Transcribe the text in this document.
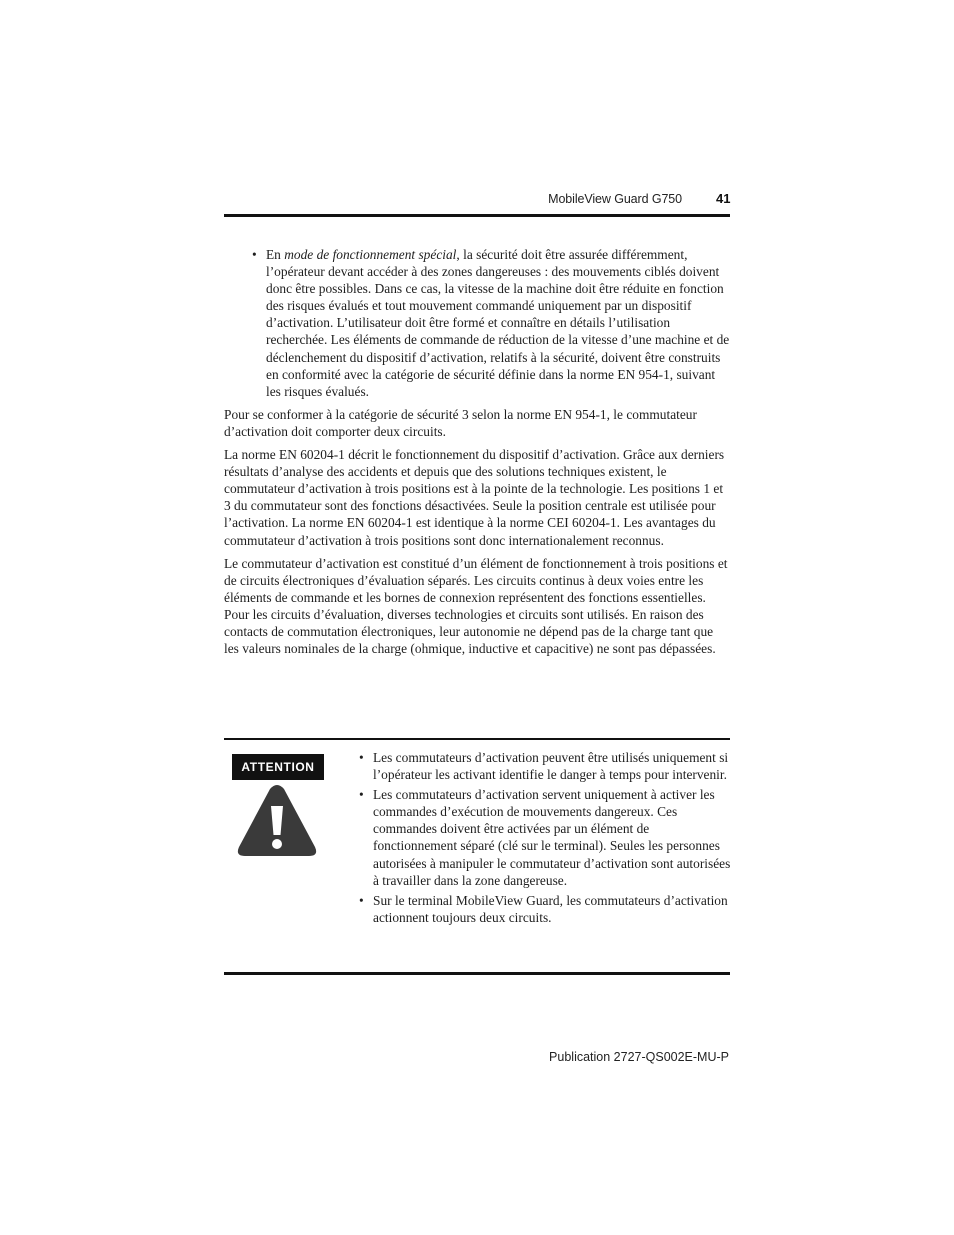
MobileView Guard G750	41
• En mode de fonctionnement spécial, la sécurité doit être assurée différemment, l’opérateur devant accéder à des zones dangereuses : des mouvements ciblés doivent donc être possibles. Dans ce cas, la vitesse de la machine doit être réduite en fonction des risques évalués et tout mouvement commandé uniquement par un dispositif d’activation. L’utilisateur doit être formé et connaître en détails l’utilisation recherchée. Les éléments de commande de réduction de la vitesse d’une machine et de déclenchement du dispositif d’activation, relatifs à la sécurité, doivent être construits en conformité avec la catégorie de sécurité définie dans la norme EN 954-1, suivant les risques évalués.

Pour se conformer à la catégorie de sécurité 3 selon la norme EN 954-1, le commutateur d’activation doit comporter deux circuits.

La norme EN 60204-1 décrit le fonctionnement du dispositif d’activation. Grâce aux derniers résultats d’analyse des accidents et depuis que des solutions techniques existent, le commutateur d’activation à trois positions est à la pointe de la technologie. Les positions 1 et 3 du commutateur sont des fonctions désactivées. Seule la position centrale est utilisée pour l’activation. La norme EN 60204-1 est identique à la norme CEI 60204-1. Les avantages du commutateur d’activation à trois positions sont donc internationalement reconnus.

Le commutateur d’activation est constitué d’un élément de fonctionnement à trois positions et de circuits électroniques d’évaluation séparés. Les circuits continus à deux voies entre les éléments de commande et les bornes de connexion représentent des fonctions essentielles. Pour les circuits d’évaluation, diverses technologies et circuits sont utilisés. En raison des contacts de commutation électroniques, leur autonomie ne dépend pas de la charge tant que les valeurs nominales de la charge (ohmique, inductive et capacitive) ne sont pas dépassées.

ATTENTION
• Les commutateurs d’activation peuvent être utilisés uniquement si l’opérateur les activant identifie le danger à temps pour intervenir.
• Les commutateurs d’activation servent uniquement à activer les commandes d’exécution de mouvements dangereux. Ces commandes doivent être activées par un élément de fonctionnement séparé (clé sur le terminal). Seules les personnes autorisées à manipuler le commutateur d’activation sont autorisées à travailler dans la zone dangereuse.
• Sur le terminal MobileView Guard, les commutateurs d’activation actionnent toujours deux circuits.
Publication 2727-QS002E-MU-P
